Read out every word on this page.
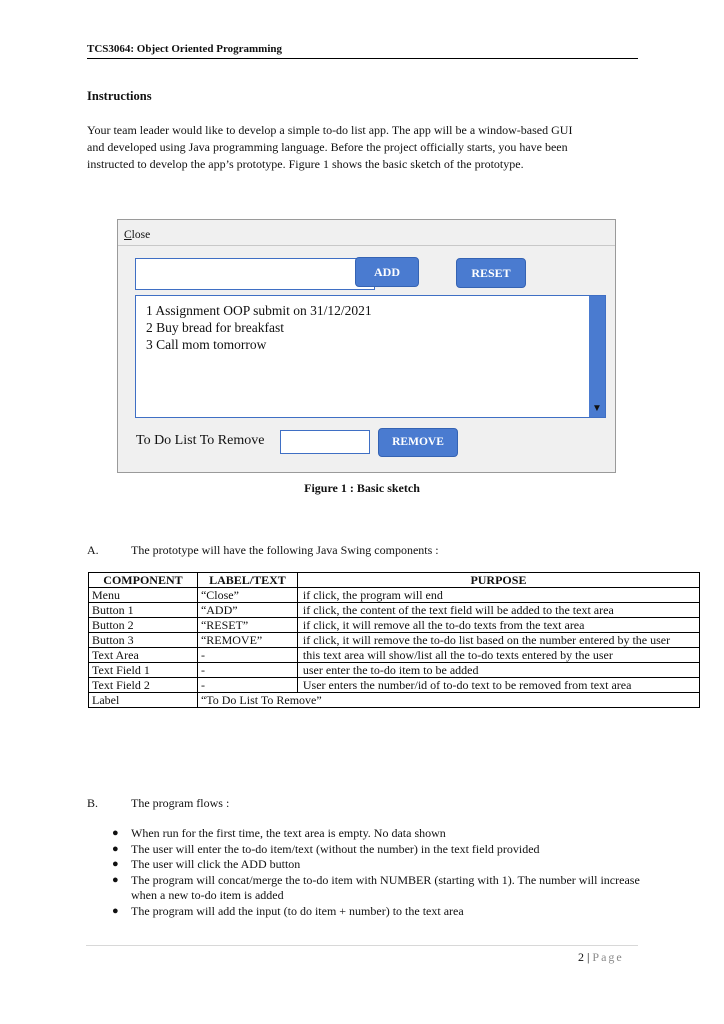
TCS3064: Object Oriented Programming
Instructions
Your team leader would like to develop a simple to-do list app. The app will be a window-based GUI
and developed using Java programming language. Before the project officially starts, you have been
instructed to develop the app’s prototype. Figure 1 shows the basic sketch of the prototype.
Close
ADD	RESET
1 Assignment OOP submit on 31/12/2021
2 Buy bread for breakfast
3 Call mom tomorrow
▼
To Do List To Remove	REMOVE
Figure 1 : Basic sketch
A.	The prototype will have the following Java Swing components :
COMPONENT	LABEL/TEXT	PURPOSE
Menu	“Close”	if click, the program will end
Button 1	“ADD”	if click, the content of the text field will be added to the text area
Button 2	“RESET”	if click, it will remove all the to-do texts from the text area
Button 3	“REMOVE”	if click, it will remove the to-do list based on the number entered by the user
Text Area	-	this text area will show/list all the to-do texts entered by the user
Text Field 1	-	user enter the to-do item to be added
Text Field 2	-	User enters the number/id of to-do text to be removed from text area
Label	“To Do List To Remove”	
B.	The program flows :
●	When run for the first time, the text area is empty. No data shown
●	The user will enter the to-do item/text (without the number) in the text field provided
●	The user will click the ADD button
●	The program will concat/merge the to-do item with NUMBER (starting with 1). The number will increase when a new to-do item is added
●	The program will add the input (to do item + number) to the text area
2 | Page
